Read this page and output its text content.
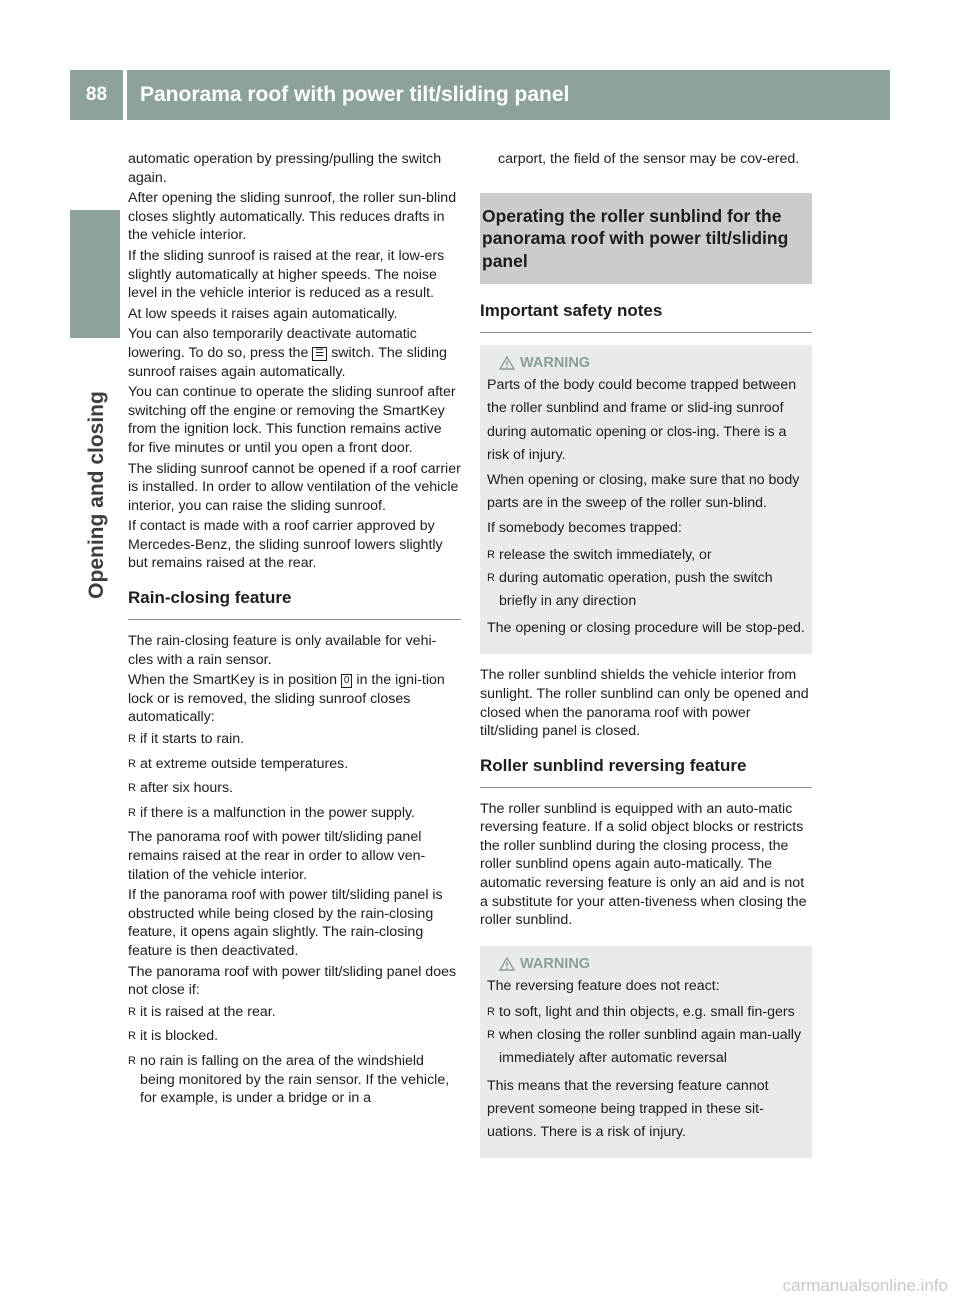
88	Panorama roof with power tilt/sliding panel
Opening and closing

automatic operation by pressing/pulling the switch again.

After opening the sliding sunroof, the roller sun-blind closes slightly automatically. This reduces drafts in the vehicle interior.

If the sliding sunroof is raised at the rear, it low-ers slightly automatically at higher speeds. The noise level in the vehicle interior is reduced as a result.

At low speeds it raises again automatically.

You can also temporarily deactivate automatic lowering. To do so, press the ☰ switch. The sliding sunroof raises again automatically.

You can continue to operate the sliding sunroof after switching off the engine or removing the SmartKey from the ignition lock. This function remains active for five minutes or until you open a front door.

The sliding sunroof cannot be opened if a roof carrier is installed. In order to allow ventilation of the vehicle interior, you can raise the sliding sunroof.

If contact is made with a roof carrier approved by Mercedes-Benz, the sliding sunroof lowers slightly but remains raised at the rear.

Rain-closing feature

The rain-closing feature is only available for vehi-cles with a rain sensor.

When the SmartKey is in position 0 in the igni-tion lock or is removed, the sliding sunroof closes automatically:

R if it starts to rain.
R at extreme outside temperatures.
R after six hours.
R if there is a malfunction in the power supply.

The panorama roof with power tilt/sliding panel remains raised at the rear in order to allow ven-tilation of the vehicle interior.

If the panorama roof with power tilt/sliding panel is obstructed while being closed by the rain-closing feature, it opens again slightly. The rain-closing feature is then deactivated.

The panorama roof with power tilt/sliding panel does not close if:

R it is raised at the rear.
R it is blocked.
R no rain is falling on the area of the windshield being monitored by the rain sensor. If the vehicle, for example, is under a bridge or in a

carport, the field of the sensor may be cov-ered.

Operating the roller sunblind for the panorama roof with power tilt/sliding panel
Important safety notes
WARNING

Parts of the body could become trapped between the roller sunblind and frame or slid-ing sunroof during automatic opening or clos-ing. There is a risk of injury.

When opening or closing, make sure that no body parts are in the sweep of the roller sun-blind.

If somebody becomes trapped:

R release the switch immediately, or
R during automatic operation, push the switch briefly in any direction

The opening or closing procedure will be stop-ped.

The roller sunblind shields the vehicle interior from sunlight. The roller sunblind can only be opened and closed when the panorama roof with power tilt/sliding panel is closed.

Roller sunblind reversing feature

The roller sunblind is equipped with an auto-matic reversing feature. If a solid object blocks or restricts the roller sunblind during the closing process, the roller sunblind opens again auto-matically. The automatic reversing feature is only an aid and is not a substitute for your atten-tiveness when closing the roller sunblind.

WARNING

The reversing feature does not react:

R to soft, light and thin objects, e.g. small fin-gers
R when closing the roller sunblind again man-ually immediately after automatic reversal

This means that the reversing feature cannot prevent someone being trapped in these sit-uations. There is a risk of injury.

carmanualsonline.info
